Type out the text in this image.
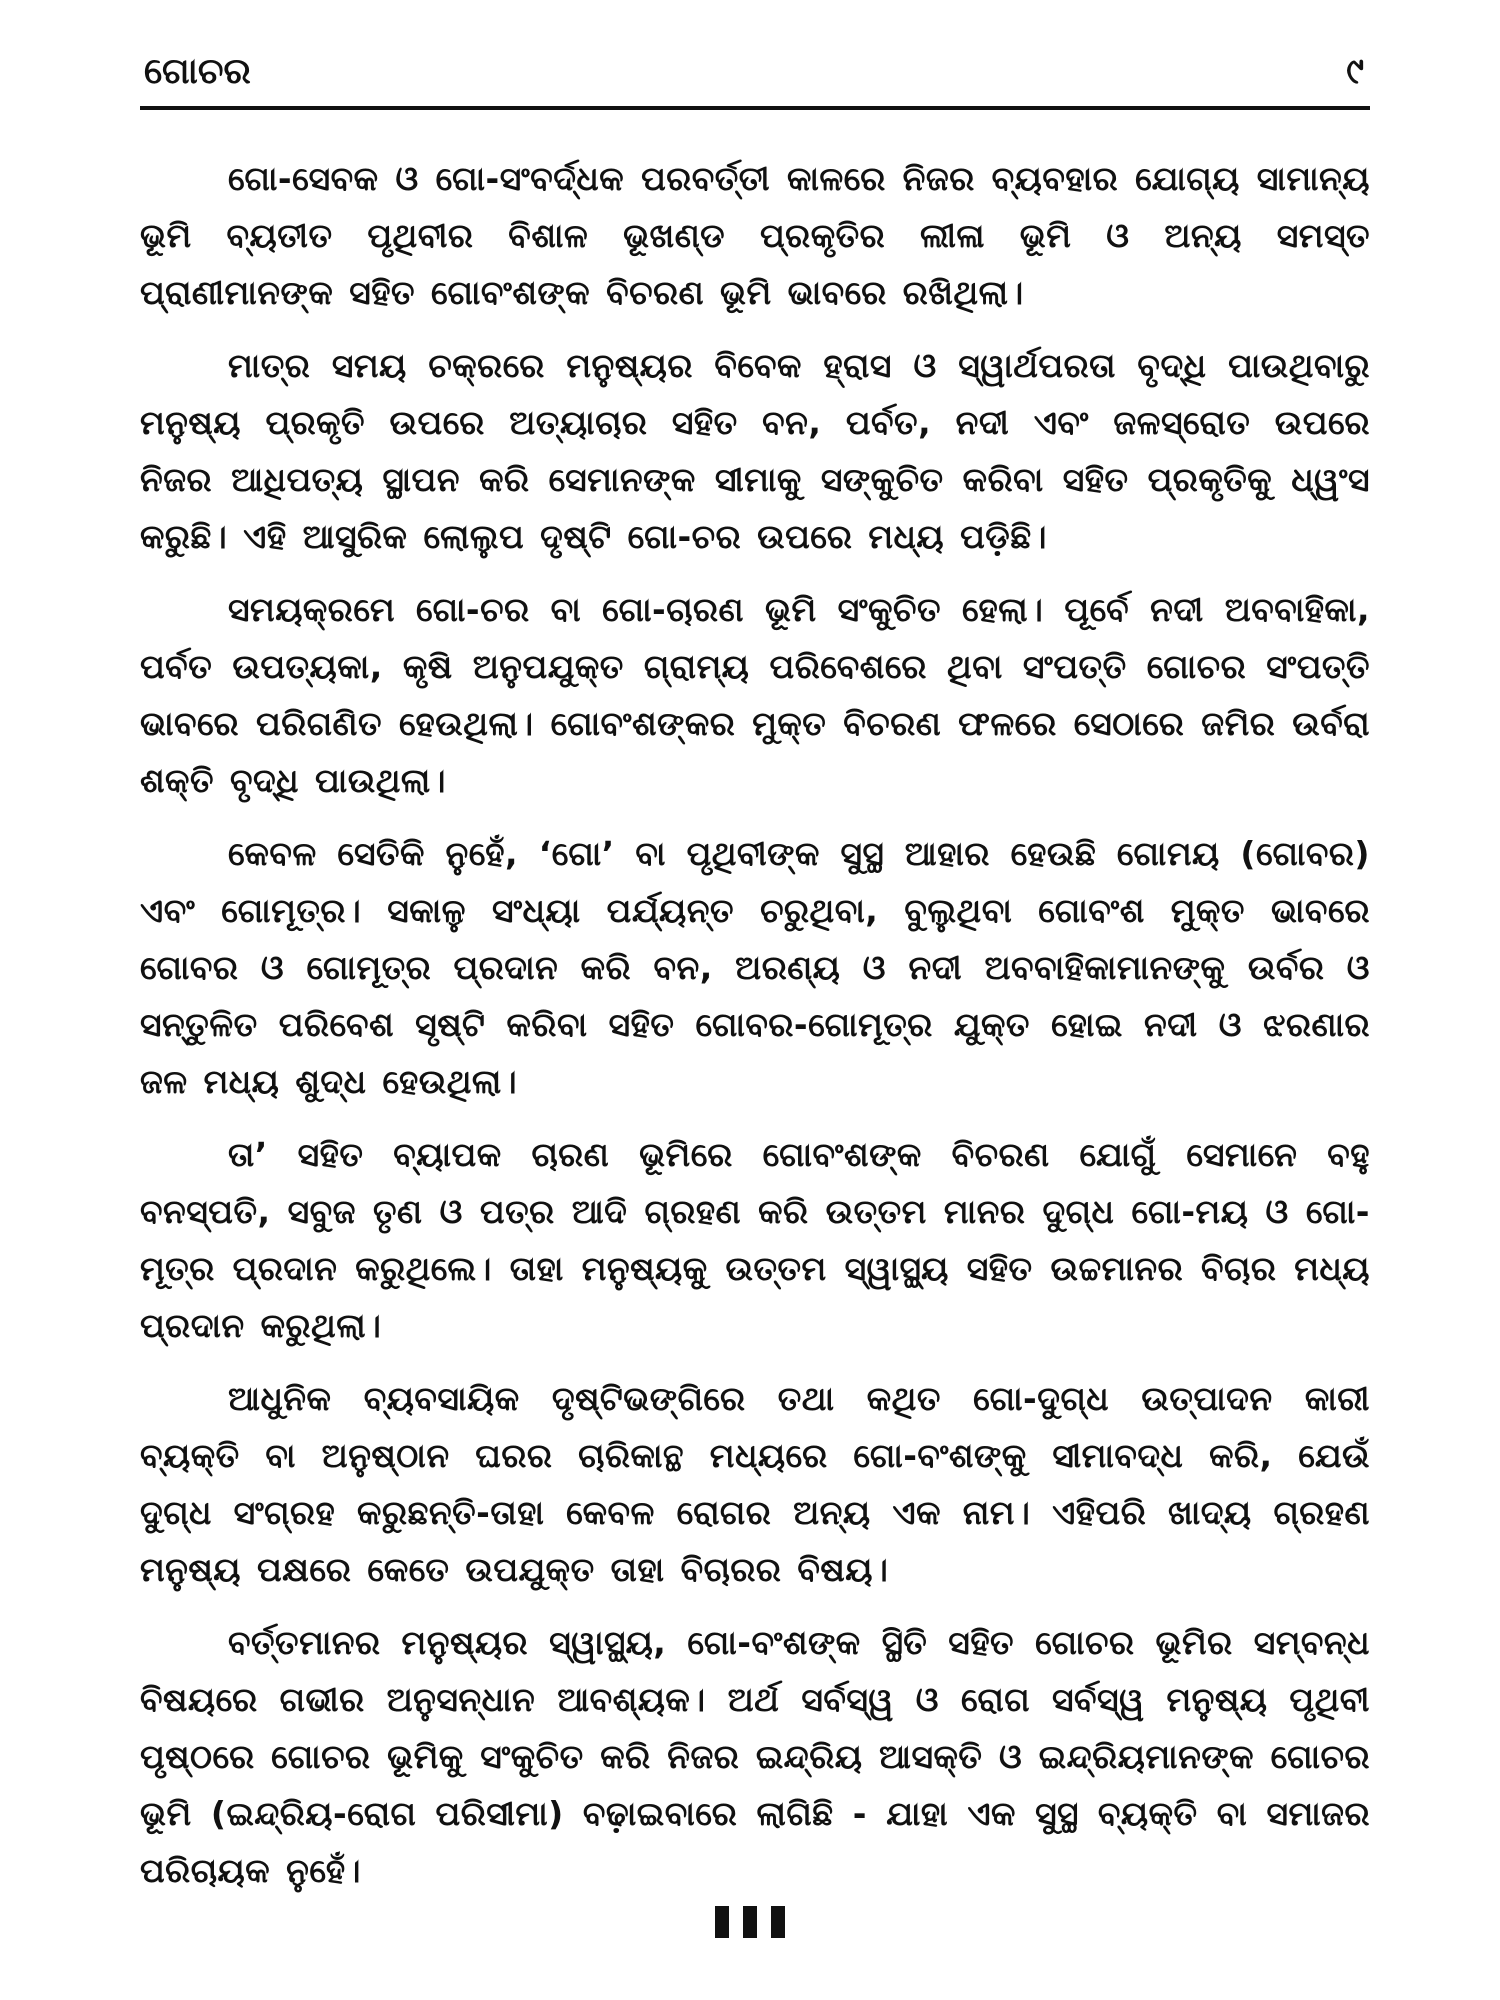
ଗୋଚର	୯

ଗୋ-ସେବକ ଓ ଗୋ-ସଂବର୍ଦ୍ଧକ ପରବର୍ତ୍ତୀ କାଳରେ ନିଜର ବ୍ୟବହାର ଯୋଗ୍ୟ ସାମାନ୍ୟ ଭୂମି ବ୍ୟତୀତ ପୃଥିବୀର ବିଶାଳ ଭୂଖଣ୍ଡ ପ୍ରକୃତିର ଲୀଳା ଭୂମି ଓ ଅନ୍ୟ ସମସ୍ତ ପ୍ରାଣୀମାନଙ୍କ ସହିତ ଗୋବଂଶଙ୍କ ବିଚରଣ ଭୂମି ଭାବରେ ରଖିଥିଲା।

ମାତ୍ର ସମୟ ଚକ୍ରରେ ମନୁଷ୍ୟର ବିବେକ ହ୍ରାସ ଓ ସ୍ୱାର୍ଥପରତା ବୃଦ୍ଧି ପାଉଥିବାରୁ ମନୁଷ୍ୟ ପ୍ରକୃତି ଉପରେ ଅତ୍ୟାଚାର ସହିତ ବନ, ପର୍ବତ, ନଦୀ ଏବଂ ଜଳସ୍ରୋତ ଉପରେ ନିଜର ଆଧିପତ୍ୟ ସ୍ଥାପନ କରି ସେମାନଙ୍କ ସୀମାକୁ ସଙ୍କୁଚିତ କରିବା ସହିତ ପ୍ରକୃତିକୁ ଧ୍ୱଂସ କରୁଛି। ଏହି ଆସୁରିକ ଲୋଲୁପ ଦୃଷ୍ଟି ଗୋ-ଚର ଉପରେ ମଧ୍ୟ ପଡ଼ିଛି।

ସମୟକ୍ରମେ ଗୋ-ଚର ବା ଗୋ-ଚାରଣ ଭୂମି ସଂକୁଚିତ ହେଲା। ପୂର୍ବେ ନଦୀ ଅବବାହିକା, ପର୍ବତ ଉପତ୍ୟକା, କୃଷି ଅନୁପଯୁକ୍ତ ଗ୍ରାମ୍ୟ ପରିବେଶରେ ଥିବା ସଂପତ୍ତି ଗୋଚର ସଂପତ୍ତି ଭାବରେ ପରିଗଣିତ ହେଉଥିଲା। ଗୋବଂଶଙ୍କର ମୁକ୍ତ ବିଚରଣ ଫଳରେ ସେଠାରେ ଜମିର ଉର୍ବରା ଶକ୍ତି ବୃଦ୍ଧି ପାଉଥିଲା।

କେବଳ ସେତିକି ନୁହେଁ, ‘ଗୋ’ ବା ପୃଥିବୀଙ୍କ ସୁସ୍ଥ ଆହାର ହେଉଛି ଗୋମୟ (ଗୋବର) ଏବଂ ଗୋମୂତ୍ର। ସକାଳୁ ସଂଧ୍ୟା ପର୍ଯ୍ୟନ୍ତ ଚରୁଥିବା, ବୁଲୁଥିବା ଗୋବଂଶ ମୁକ୍ତ ଭାବରେ ଗୋବର ଓ ଗୋମୂତ୍ର ପ୍ରଦାନ କରି ବନ, ଅରଣ୍ୟ ଓ ନଦୀ ଅବବାହିକାମାନଙ୍କୁ ଉର୍ବର ଓ ସନ୍ତୁଳିତ ପରିବେଶ ସୃଷ୍ଟି କରିବା ସହିତ ଗୋବର-ଗୋମୂତ୍ର ଯୁକ୍ତ ହୋଇ ନଦୀ ଓ ଝରଣାର ଜଳ ମଧ୍ୟ ଶୁଦ୍ଧ ହେଉଥିଲା।

ତା’ ସହିତ ବ୍ୟାପକ ଚାରଣ ଭୂମିରେ ଗୋବଂଶଙ୍କ ବିଚରଣ ଯୋଗୁଁ ସେମାନେ ବହୁ ବନସ୍ପତି, ସବୁଜ ତୃଣ ଓ ପତ୍ର ଆଦି ଗ୍ରହଣ କରି ଉତ୍ତମ ମାନର ଦୁଗ୍ଧ ଗୋ-ମୟ ଓ ଗୋ-ମୂତ୍ର ପ୍ରଦାନ କରୁଥିଲେ। ତାହା ମନୁଷ୍ୟକୁ ଉତ୍ତମ ସ୍ୱାସ୍ଥ୍ୟ ସହିତ ଉଚ୍ଚମାନର ବିଚାର ମଧ୍ୟ ପ୍ରଦାନ କରୁଥିଲା।

ଆଧୁନିକ ବ୍ୟବସାୟିକ ଦୃଷ୍ଟିଭଙ୍ଗିରେ ତଥା କଥିତ ଗୋ-ଦୁଗ୍ଧ ଉତ୍ପାଦନ କାରୀ ବ୍ୟକ୍ତି ବା ଅନୁଷ୍ଠାନ ଘରର ଚାରିକାନ୍ଥ ମଧ୍ୟରେ ଗୋ-ବଂଶଙ୍କୁ ସୀମାବଦ୍ଧ କରି, ଯେଉଁ ଦୁଗ୍ଧ ସଂଗ୍ରହ କରୁଛନ୍ତି-ତାହା କେବଳ ରୋଗର ଅନ୍ୟ ଏକ ନାମ। ଏହିପରି ଖାଦ୍ୟ ଗ୍ରହଣ ମନୁଷ୍ୟ ପକ୍ଷରେ କେତେ ଉପଯୁକ୍ତ ତାହା ବିଚାରର ବିଷୟ।

ବର୍ତ୍ତମାନର ମନୁଷ୍ୟର ସ୍ୱାସ୍ଥ୍ୟ, ଗୋ-ବଂଶଙ୍କ ସ୍ଥିତି ସହିତ ଗୋଚର ଭୂମିର ସମ୍ବନ୍ଧ ବିଷୟରେ ଗଭୀର ଅନୁସନ୍ଧାନ ଆବଶ୍ୟକ। ଅର୍ଥ ସର୍ବସ୍ୱ ଓ ରୋଗ ସର୍ବସ୍ୱ ମନୁଷ୍ୟ ପୃଥିବୀ ପୃଷ୍ଠରେ ଗୋଚର ଭୂମିକୁ ସଂକୁଚିତ କରି ନିଜର ଇନ୍ଦ୍ରିୟ ଆସକ୍ତି ଓ ଇନ୍ଦ୍ରିୟମାନଙ୍କ ଗୋଚର ଭୂମି (ଇନ୍ଦ୍ରିୟ-ରୋଗ ପରିସୀମା) ବଢ଼ାଇବାରେ ଲାଗିଛି - ଯାହା ଏକ ସୁସ୍ଥ ବ୍ୟକ୍ତି ବା ସମାଜର ପରିଚାୟକ ନୁହେଁ।
